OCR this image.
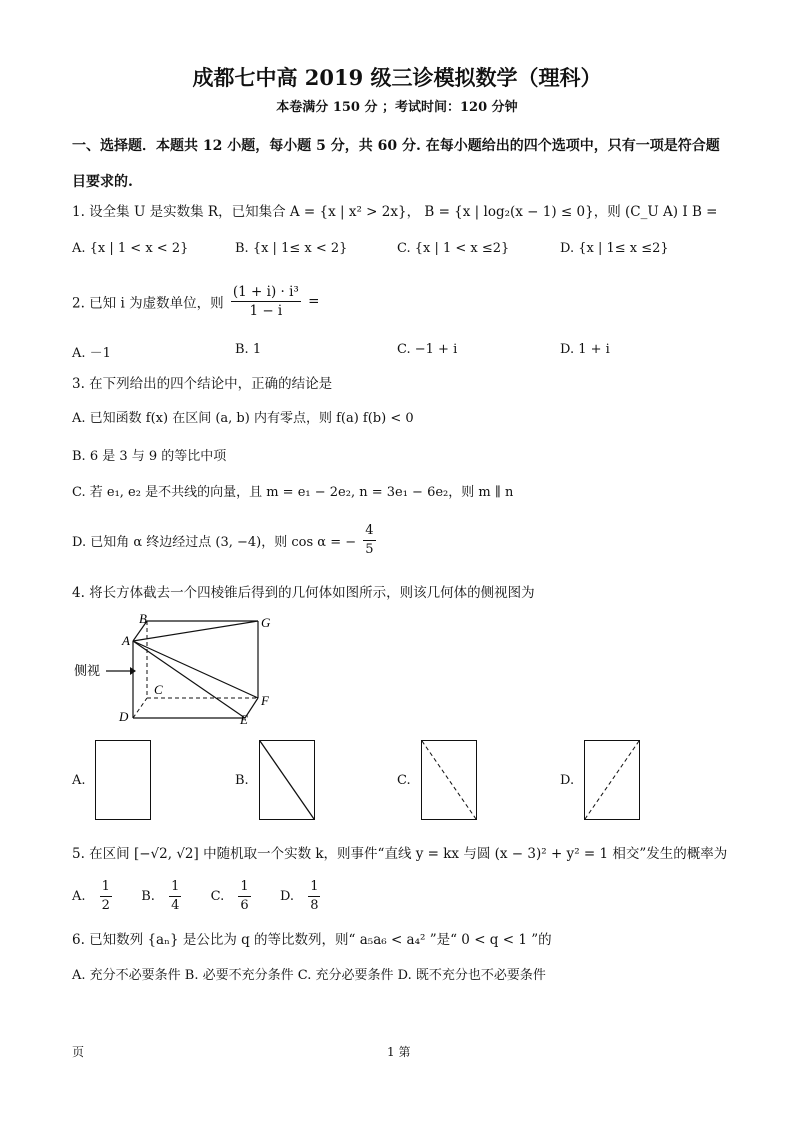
成都七中高 2019 级三诊模拟数学（理科）
本卷满分 150 分 ；考试时间：120 分钟
一、选择题．本题共 12 小题，每小题 5 分，共 60 分. 在每小题给出的四个选项中，只有一项是符合题目要求的.
1. 设全集 U 是实数集 R，已知集合 A = {x | x² > 2x}， B = {x | log₂(x − 1) ≤ 0}，则 (C_U A) I B =
A. {x | 1 < x < 2}	B. {x | 1≤ x < 2}	C. {x | 1 < x ≤2}	D. {x | 1≤ x ≤2}
2. 已知 i 为虚数单位，则 $\frac{\text{(1 + i) · i³}}{1 - i}$ =
A. －1	B. 1	C. −1 + i	D. 1 + i
3. 在下列给出的四个结论中，正确的结论是
A. 已知函数 f(x) 在区间 (a, b) 内有零点，则 f(a) f(b) < 0
B. 6 是 3 与 9 的等比中项
C. 若 e₁, e₂ 是不共线的向量，且 m = e₁ − 2e₂, n = 3e₁ − 6e₂，则 m ∥ n
D. 已知角 α 终边经过点 (3, −4)，则 cos α = − $\frac{4}{5}$
4. 将长方体截去一个四棱锥后得到的几何体如图所示，则该几何体的侧视图为
A
B
C
D	E
F
G
侧视
A.	B.	C.	D.
5. 在区间 [−√2, √2] 中随机取一个实数 k，则事件“直线 y = kx 与圆 (x − 3)² + y² = 1 相交”发生的概率为
A. $\frac{1}{2} B$. $\frac{1}{4} C$. $\frac{1}{6} D$. $\frac{1}{8}$
6. 已知数列 {aₙ} 是公比为 q 的等比数列，则“ a₅a₆ < a₄² ”是“ 0 < q < 1 ”的
A. 充分不必要条件 B. 必要不充分条件 C. 充分必要条件 D. 既不充分也不必要条件
页	1 第
